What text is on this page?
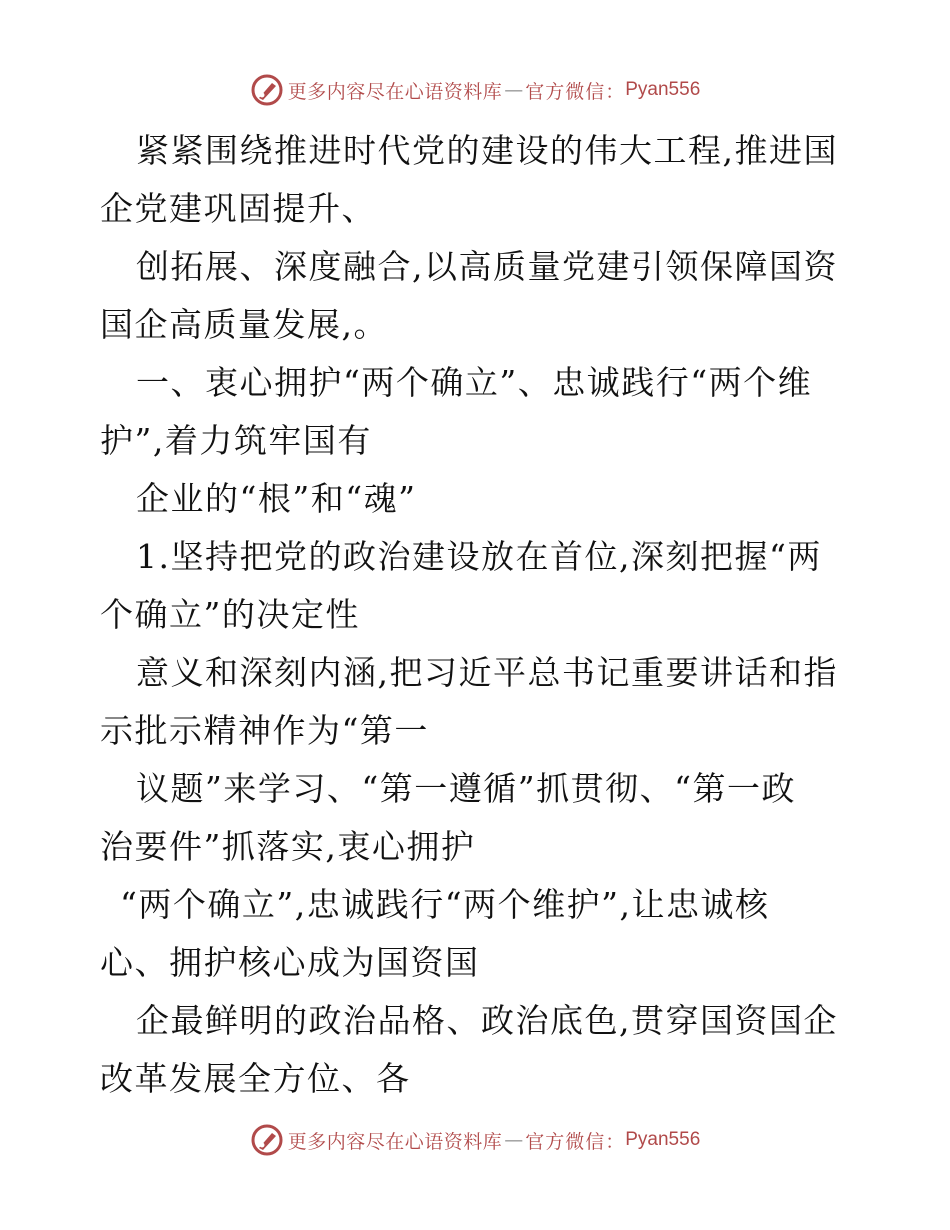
更多内容尽在心语资料库 — 官方微信： Pyan556
紧紧围绕推进时代党的建设的伟大工程,推进国
企党建巩固提升、
创拓展、深度融合,以高质量党建引领保障国资
国企高质量发展,。
一、衷心拥护“两个确立”、忠诚践行“两个维
护”,着力筑牢国有
企业的“根”和“魂”
1.坚持把党的政治建设放在首位,深刻把握“两
个确立”的决定性
意义和深刻内涵,把习近平总书记重要讲话和指
示批示精神作为“第一
议题”来学习、“第一遵循”抓贯彻、“第一政
治要件”抓落实,衷心拥护
“两个确立”,忠诚践行“两个维护”,让忠诚核
心、拥护核心成为国资国
企最鲜明的政治品格、政治底色,贯穿国资国企
改革发展全方位、各
更多内容尽在心语资料库 — 官方微信： Pyan556
